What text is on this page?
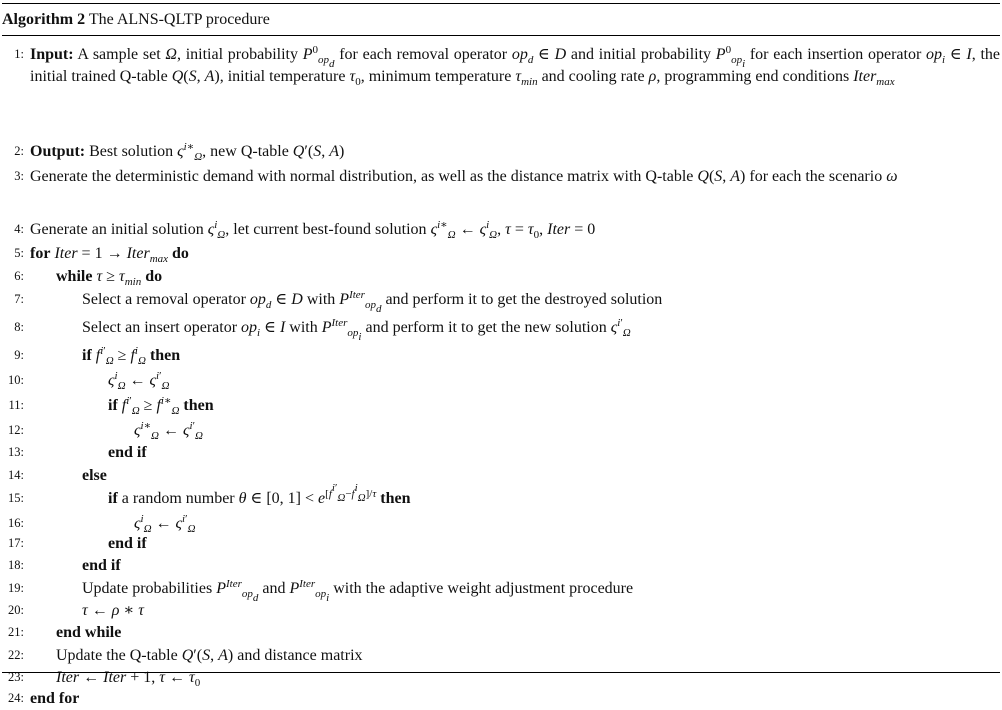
Algorithm 2 The ALNS-QLTP procedure
1: Input: A sample set Ω, initial probability $P^0_{op_d}$ for each removal operator $op_d$ ∈ D and initial probability $P^0_{op_i}$ for each insertion operator $op_i$ ∈ I, the initial trained Q-table Q(S, A), initial temperature $\tau_0$, minimum temperature $\tau_{min}$ and cooling rate ρ, programming end conditions Iter$_{max}$
2: Output: Best solution $\varsigma^{i∗}_\Omega$, new Q-table Q′(S, A)
3: Generate the deterministic demand with normal distribution, as well as the distance matrix with Q-table Q(S, A) for each the scenario ω
4: Generate an initial solution $\varsigma^i_\Omega$, let current best-found solution $\varsigma^{i∗}_\Omega$ ← $\varsigma^i_\Omega$, $\tau = \tau_0$, Iter = 0
5: for Iter = 1 → Iter$_{max}$ do
6: while $\tau \ge \tau_{min}$ do
7:	Select a removal operator $op_d$ ∈ D with $P^{Iter}_{op_d}$ and perform it to get the destroyed solution
8:	Select an insert operator $op_i$ ∈ I with $P^{Iter}_{op_i}$ and perform it to get the new solution $\varsigma^{i'}_\Omega$
9:	if $f^{i'}_\Omega \ge f^i_\Omega$ then
10:	$\varsigma^i_\Omega$ ← $\varsigma^{i'}_\Omega$
11:	if $f^{i'}_\Omega \ge f^{i∗}_\Omega$ then
12:	$\varsigma^{i∗}_\Omega$ ← $\varsigma^{i'}_\Omega$
13:	end if
14:	else
15:	if a random number θ ∈ [0, $1] < e^{[f^{i'}_\Omega-f^i_\Omega]/\tau}$ then
16:	$\varsigma^i_\Omega$ ← $\varsigma^{i'}_\Omega$
17:	end if
18:	end if
19:	Update probabilities $P^{Iter}_{op_d}$ and $P^{Iter}_{op_i}$ with the adaptive weight adjustment procedure
20:	τ ← ρ ∗ τ
21: end while
22: Update the Q-table Q′(S, A) and distance matrix
23: Iter ← Iter + 1, τ ← $\tau_0$
24: end for
